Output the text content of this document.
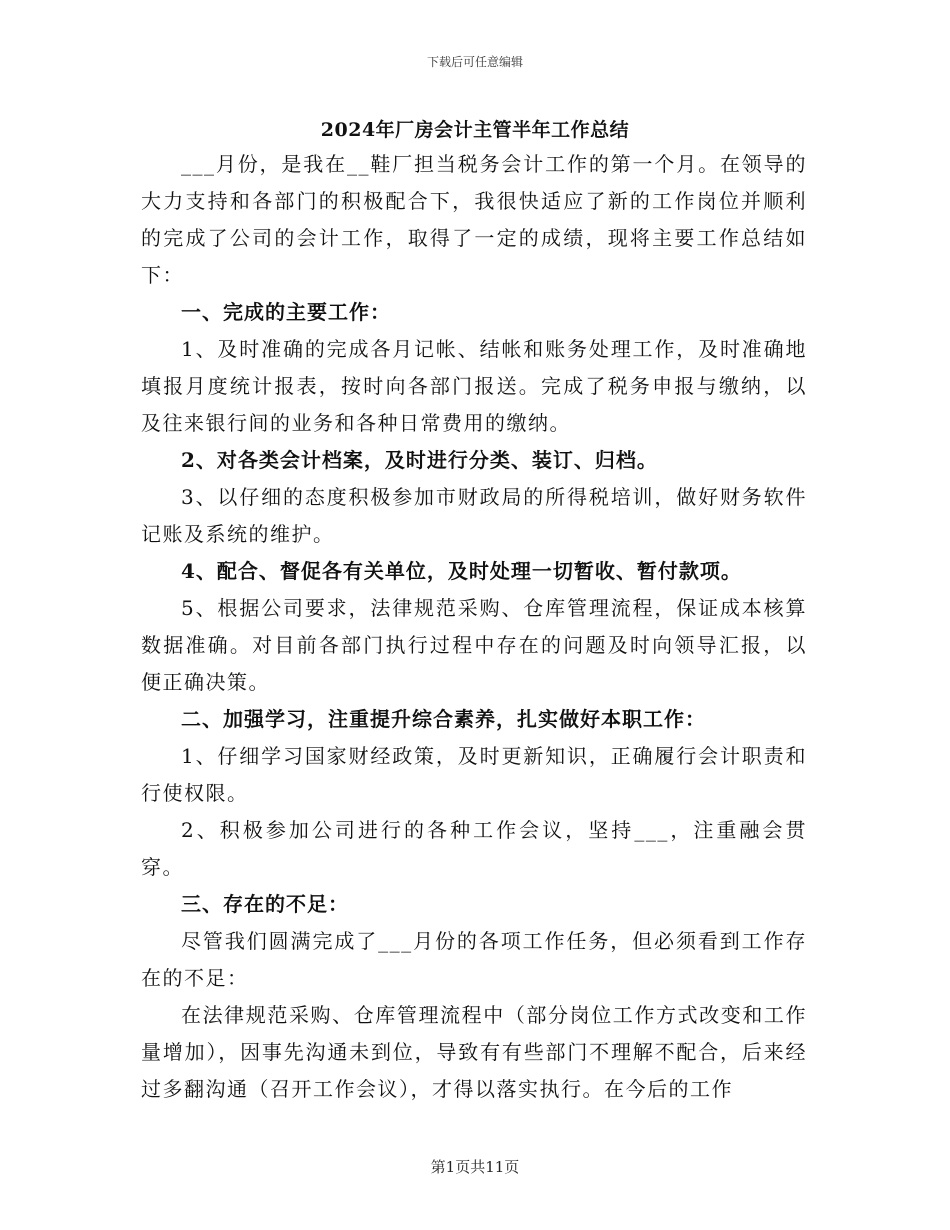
下载后可任意编辑
2024年厂房会计主管半年工作总结

___月份，是我在__鞋厂担当税务会计工作的第一个月。在领导的大力支持和各部门的积极配合下，我很快适应了新的工作岗位并顺利的完成了公司的会计工作，取得了一定的成绩，现将主要工作总结如下：

一、完成的主要工作：

1、及时准确的完成各月记帐、结帐和账务处理工作，及时准确地填报月度统计报表，按时向各部门报送。完成了税务申报与缴纳，以及往来银行间的业务和各种日常费用的缴纳。

2、对各类会计档案，及时进行分类、装订、归档。

3、以仔细的态度积极参加市财政局的所得税培训，做好财务软件记账及系统的维护。

4、配合、督促各有关单位，及时处理一切暂收、暂付款项。

5、根据公司要求，法律规范采购、仓库管理流程，保证成本核算数据准确。对目前各部门执行过程中存在的问题及时向领导汇报，以便正确决策。

二、加强学习，注重提升综合素养，扎实做好本职工作：

1、仔细学习国家财经政策，及时更新知识，正确履行会计职责和行使权限。

2、积极参加公司进行的各种工作会议，坚持___，注重融会贯穿。

三、存在的不足：

尽管我们圆满完成了___月份的各项工作任务，但必须看到工作存在的不足：

在法律规范采购、仓库管理流程中（部分岗位工作方式改变和工作量增加），因事先沟通未到位，导致有有些部门不理解不配合，后来经过多翻沟通（召开工作会议），才得以落实执行。在今后的工作

第1页共11页
